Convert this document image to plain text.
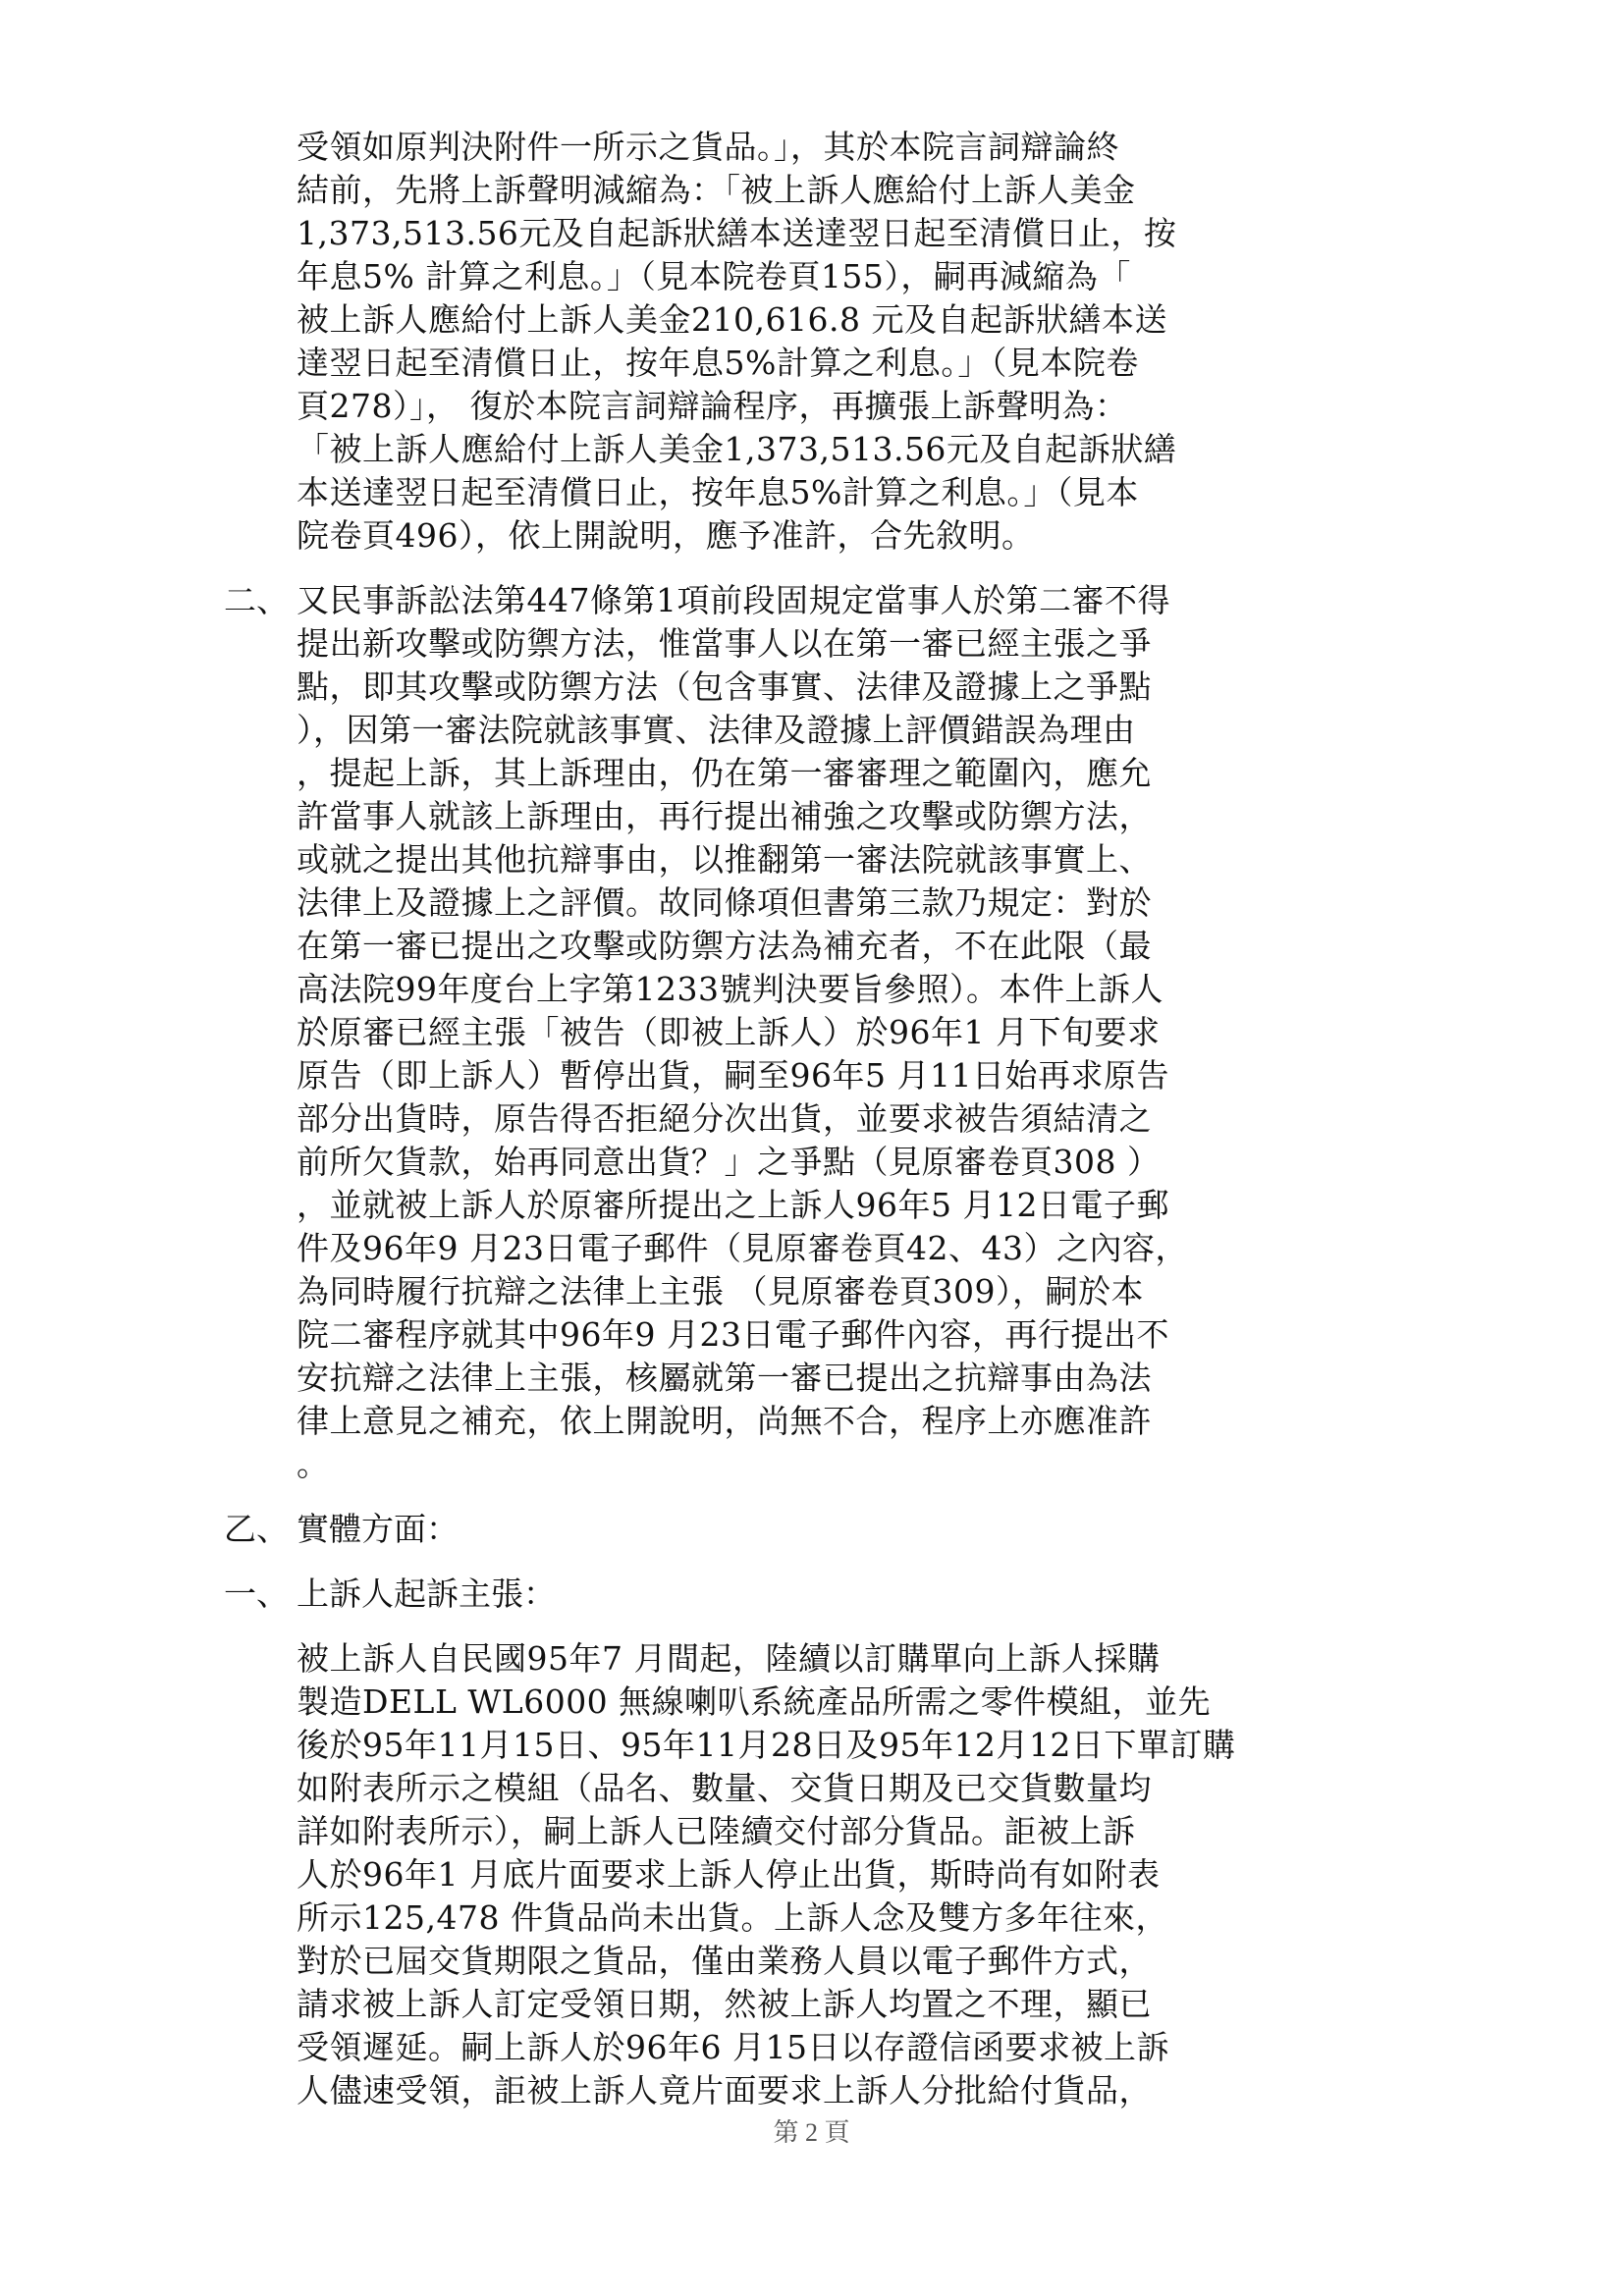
受領如原判決附件一所示之貨品。」，其於本院言詞辯論終
結前，先將上訴聲明減縮為：「被上訴人應給付上訴人美金
1,373,513.56元及自起訴狀繕本送達翌日起至清償日止，按
年息5% 計算之利息。」（見本院卷頁155），嗣再減縮為「
被上訴人應給付上訴人美金210,616.8 元及自起訴狀繕本送
達翌日起至清償日止，按年息5%計算之利息。」（見本院卷
頁278）」， 復於本院言詞辯論程序，再擴張上訴聲明為：
「被上訴人應給付上訴人美金1,373,513.56元及自起訴狀繕
本送達翌日起至清償日止，按年息5%計算之利息。」（見本
院卷頁496），依上開說明，應予准許，合先敘明。
二、 又民事訴訟法第447條第1項前段固規定當事人於第二審不得
提出新攻擊或防禦方法，惟當事人以在第一審已經主張之爭
點，即其攻擊或防禦方法（包含事實、法律及證據上之爭點
），因第一審法院就該事實、法律及證據上評價錯誤為理由
，提起上訴，其上訴理由，仍在第一審審理之範圍內，應允
許當事人就該上訴理由，再行提出補強之攻擊或防禦方法，
或就之提出其他抗辯事由，以推翻第一審法院就該事實上、
法律上及證據上之評價。故同條項但書第三款乃規定：對於
在第一審已提出之攻擊或防禦方法為補充者，不在此限（最
高法院99年度台上字第1233號判決要旨參照）。本件上訴人
於原審已經主張「被告（即被上訴人）於96年1 月下旬要求
原告（即上訴人）暫停出貨，嗣至96年5 月11日始再求原告
部分出貨時，原告得否拒絕分次出貨，並要求被告須結清之
前所欠貨款，始再同意出貨？」之爭點（見原審卷頁308 ）
，並就被上訴人於原審所提出之上訴人96年5 月12日電子郵
件及96年9 月23日電子郵件（見原審卷頁42、43）之內容，
為同時履行抗辯之法律上主張 （見原審卷頁309），嗣於本
院二審程序就其中96年9 月23日電子郵件內容，再行提出不
安抗辯之法律上主張，核屬就第一審已提出之抗辯事由為法
律上意見之補充，依上開說明，尚無不合，程序上亦應准許
。
乙、 實體方面：
一、 上訴人起訴主張：
被上訴人自民國95年7 月間起，陸續以訂購單向上訴人採購
製造DELL WL6000 無線喇叭系統產品所需之零件模組，並先
後於95年11月15日、95年11月28日及95年12月12日下單訂購
如附表所示之模組（品名、數量、交貨日期及已交貨數量均
詳如附表所示），嗣上訴人已陸續交付部分貨品。詎被上訴
人於96年1 月底片面要求上訴人停止出貨，斯時尚有如附表
所示125,478 件貨品尚未出貨。上訴人念及雙方多年往來，
對於已屆交貨期限之貨品，僅由業務人員以電子郵件方式，
請求被上訴人訂定受領日期，然被上訴人均置之不理，顯已
受領遲延。嗣上訴人於96年6 月15日以存證信函要求被上訴
人儘速受領，詎被上訴人竟片面要求上訴人分批給付貨品，
第 2 頁
